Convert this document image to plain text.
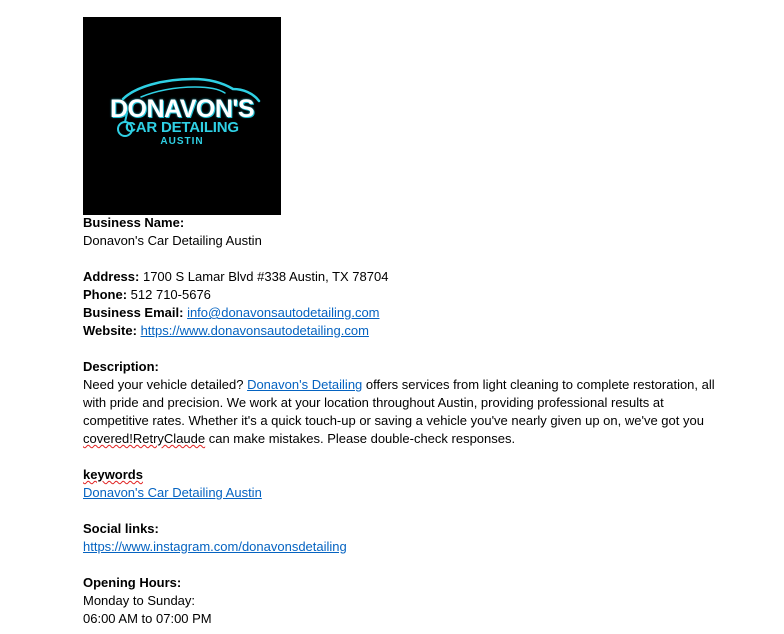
DONAVON'S
CAR DETAILING
AUSTIN
Business Name:
Donavon's Car Detailing Austin
Address: 1700 S Lamar Blvd #338 Austin, TX 78704
Phone: 512 710-5676
Business Email: info@donavonsautodetailing.com
Website: https://www.donavonsautodetailing.com
Description:
Need your vehicle detailed? Donavon's Detailing offers services from light cleaning to complete restoration, all with pride and precision. We work at your location throughout Austin, providing professional results at competitive rates. Whether it's a quick touch-up or saving a vehicle you've nearly given up on, we've got you covered!RetryClaude can make mistakes. Please double-check responses.
keywords
Donavon's Car Detailing Austin
Social links:
https://www.instagram.com/donavonsdetailing
Opening Hours:
Monday to Sunday:
06:00 AM to 07:00 PM
